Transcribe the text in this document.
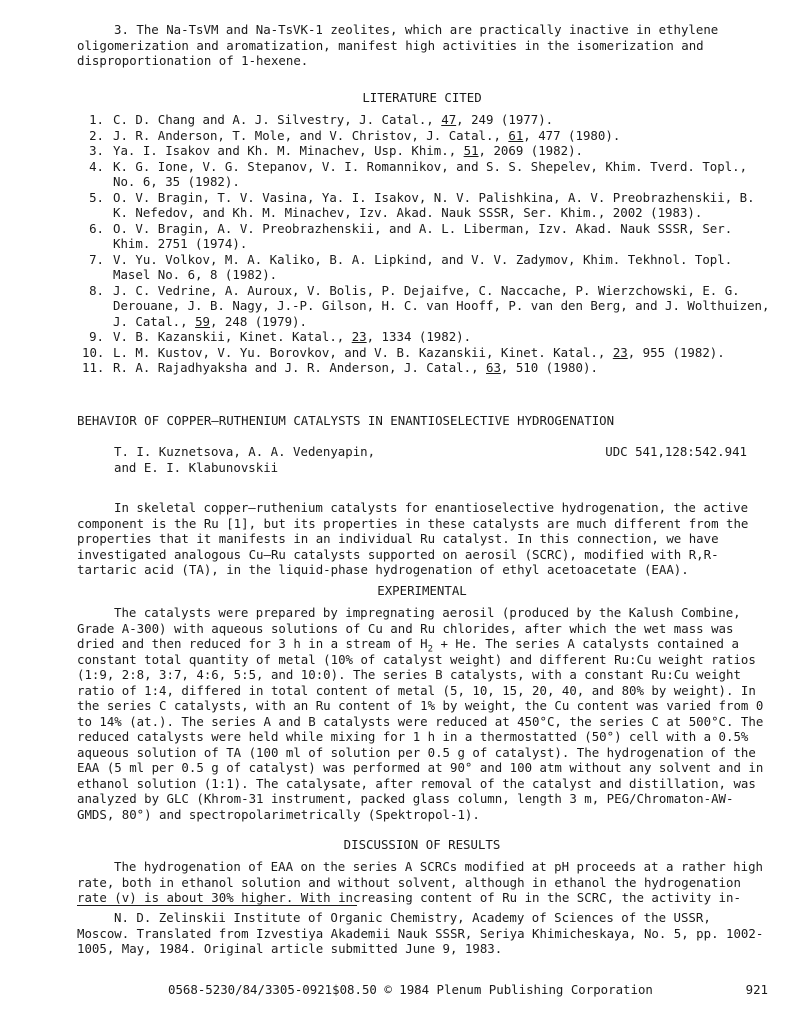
3. The Na-TsVM and Na-TsVK-1 zeolites, which are practically inactive in ethylene oligomerization and aromatization, manifest high activities in the isomerization and disproportionation of 1-hexene.

LITERATURE CITED
1. C. D. Chang and A. J. Silvestry, J. Catal., 47, 249 (1977).
2. J. R. Anderson, T. Mole, and V. Christov, J. Catal., 61, 477 (1980).
3. Ya. I. Isakov and Kh. M. Minachev, Usp. Khim., 51, 2069 (1982).
4. K. G. Ione, V. G. Stepanov, V. I. Romannikov, and S. S. Shepelev, Khim. Tverd. Topl., No. 6, 35 (1982).
5. O. V. Bragin, T. V. Vasina, Ya. I. Isakov, N. V. Palishkina, A. V. Preobrazhenskii, B. K. Nefedov, and Kh. M. Minachev, Izv. Akad. Nauk SSSR, Ser. Khim., 2002 (1983).
6. O. V. Bragin, A. V. Preobrazhenskii, and A. L. Liberman, Izv. Akad. Nauk SSSR, Ser. Khim. 2751 (1974).
7. V. Yu. Volkov, M. A. Kaliko, B. A. Lipkind, and V. V. Zadymov, Khim. Tekhnol. Topl. Masel No. 6, 8 (1982).
8. J. C. Vedrine, A. Auroux, V. Bolis, P. Dejaifve, C. Naccache, P. Wierzchowski, E. G. Derouane, J. B. Nagy, J.-P. Gilson, H. C. van Hooff, P. van den Berg, and J. Wolthuizen, J. Catal., 59, 248 (1979).
9. V. B. Kazanskii, Kinet. Katal., 23, 1334 (1982).
10. L. M. Kustov, V. Yu. Borovkov, and V. B. Kazanskii, Kinet. Katal., 23, 955 (1982).
11. R. A. Rajadhyaksha and J. R. Anderson, J. Catal., 63, 510 (1980).
BEHAVIOR OF COPPER—RUTHENIUM CATALYSTS IN ENANTIOSELECTIVE HYDROGENATION
T. I. Kuznetsova, A. A. Vedenyapin,
and E. I. Klabunovskii
UDC 541,128:542.941

In skeletal copper—ruthenium catalysts for enantioselective hydrogenation, the active component is the Ru [1], but its properties in these catalysts are much different from the properties that it manifests in an individual Ru catalyst. In this connection, we have investigated analogous Cu—Ru catalysts supported on aerosil (SCRC), modified with R,R-tartaric acid (TA), in the liquid-phase hydrogenation of ethyl acetoacetate (EAA).

EXPERIMENTAL

The catalysts were prepared by impregnating aerosil (produced by the Kalush Combine, Grade A-300) with aqueous solutions of Cu and Ru chlorides, after which the wet mass was dried and then reduced for 3 h in a stream of $H_2 + He$. The series A catalysts contained a constant total quantity of metal (10% of catalyst weight) and different Ru:Cu weight ratios (1:9, 2:8, 3:7, 4:6, 5:5, and 10:0). The series B catalysts, with a constant Ru:Cu weight ratio of 1:4, differed in total content of metal (5, 10, 15, 20, 40, and 80% by weight). In the series C catalysts, with an Ru content of 1% by weight, the Cu content was varied from 0 to 14% (at.). The series A and B catalysts were reduced at 450°C, the series C at 500°C. The reduced catalysts were held while mixing for 1 h in a thermostatted (50°) cell with a 0.5% aqueous solution of TA (100 ml of solution per 0.5 g of catalyst). The hydrogenation of the EAA (5 ml per 0.5 g of catalyst) was performed at 90° and 100 atm without any solvent and in ethanol solution (1:1). The catalysate, after removal of the catalyst and distillation, was analyzed by GLC (Khrom-31 instrument, packed glass column, length 3 m, PEG/Chromaton-AW-GMDS, 80°) and spectropolarimetrically (Spektropol-1).

DISCUSSION OF RESULTS

The hydrogenation of EAA on the series A SCRCs modified at pH proceeds at a rather high rate, both in ethanol solution and without solvent, although in ethanol the hydrogenation rate (v) is about 30% higher. With increasing content of Ru in the SCRC, the activity in-

N. D. Zelinskii Institute of Organic Chemistry, Academy of Sciences of the USSR, Moscow. Translated from Izvestiya Akademii Nauk SSSR, Seriya Khimicheskaya, No. 5, pp. 1002-1005, May, 1984. Original article submitted June 9, 1983.

0568-5230/84/3305-0921$08.50 © 1984 Plenum Publishing Corporation	921
